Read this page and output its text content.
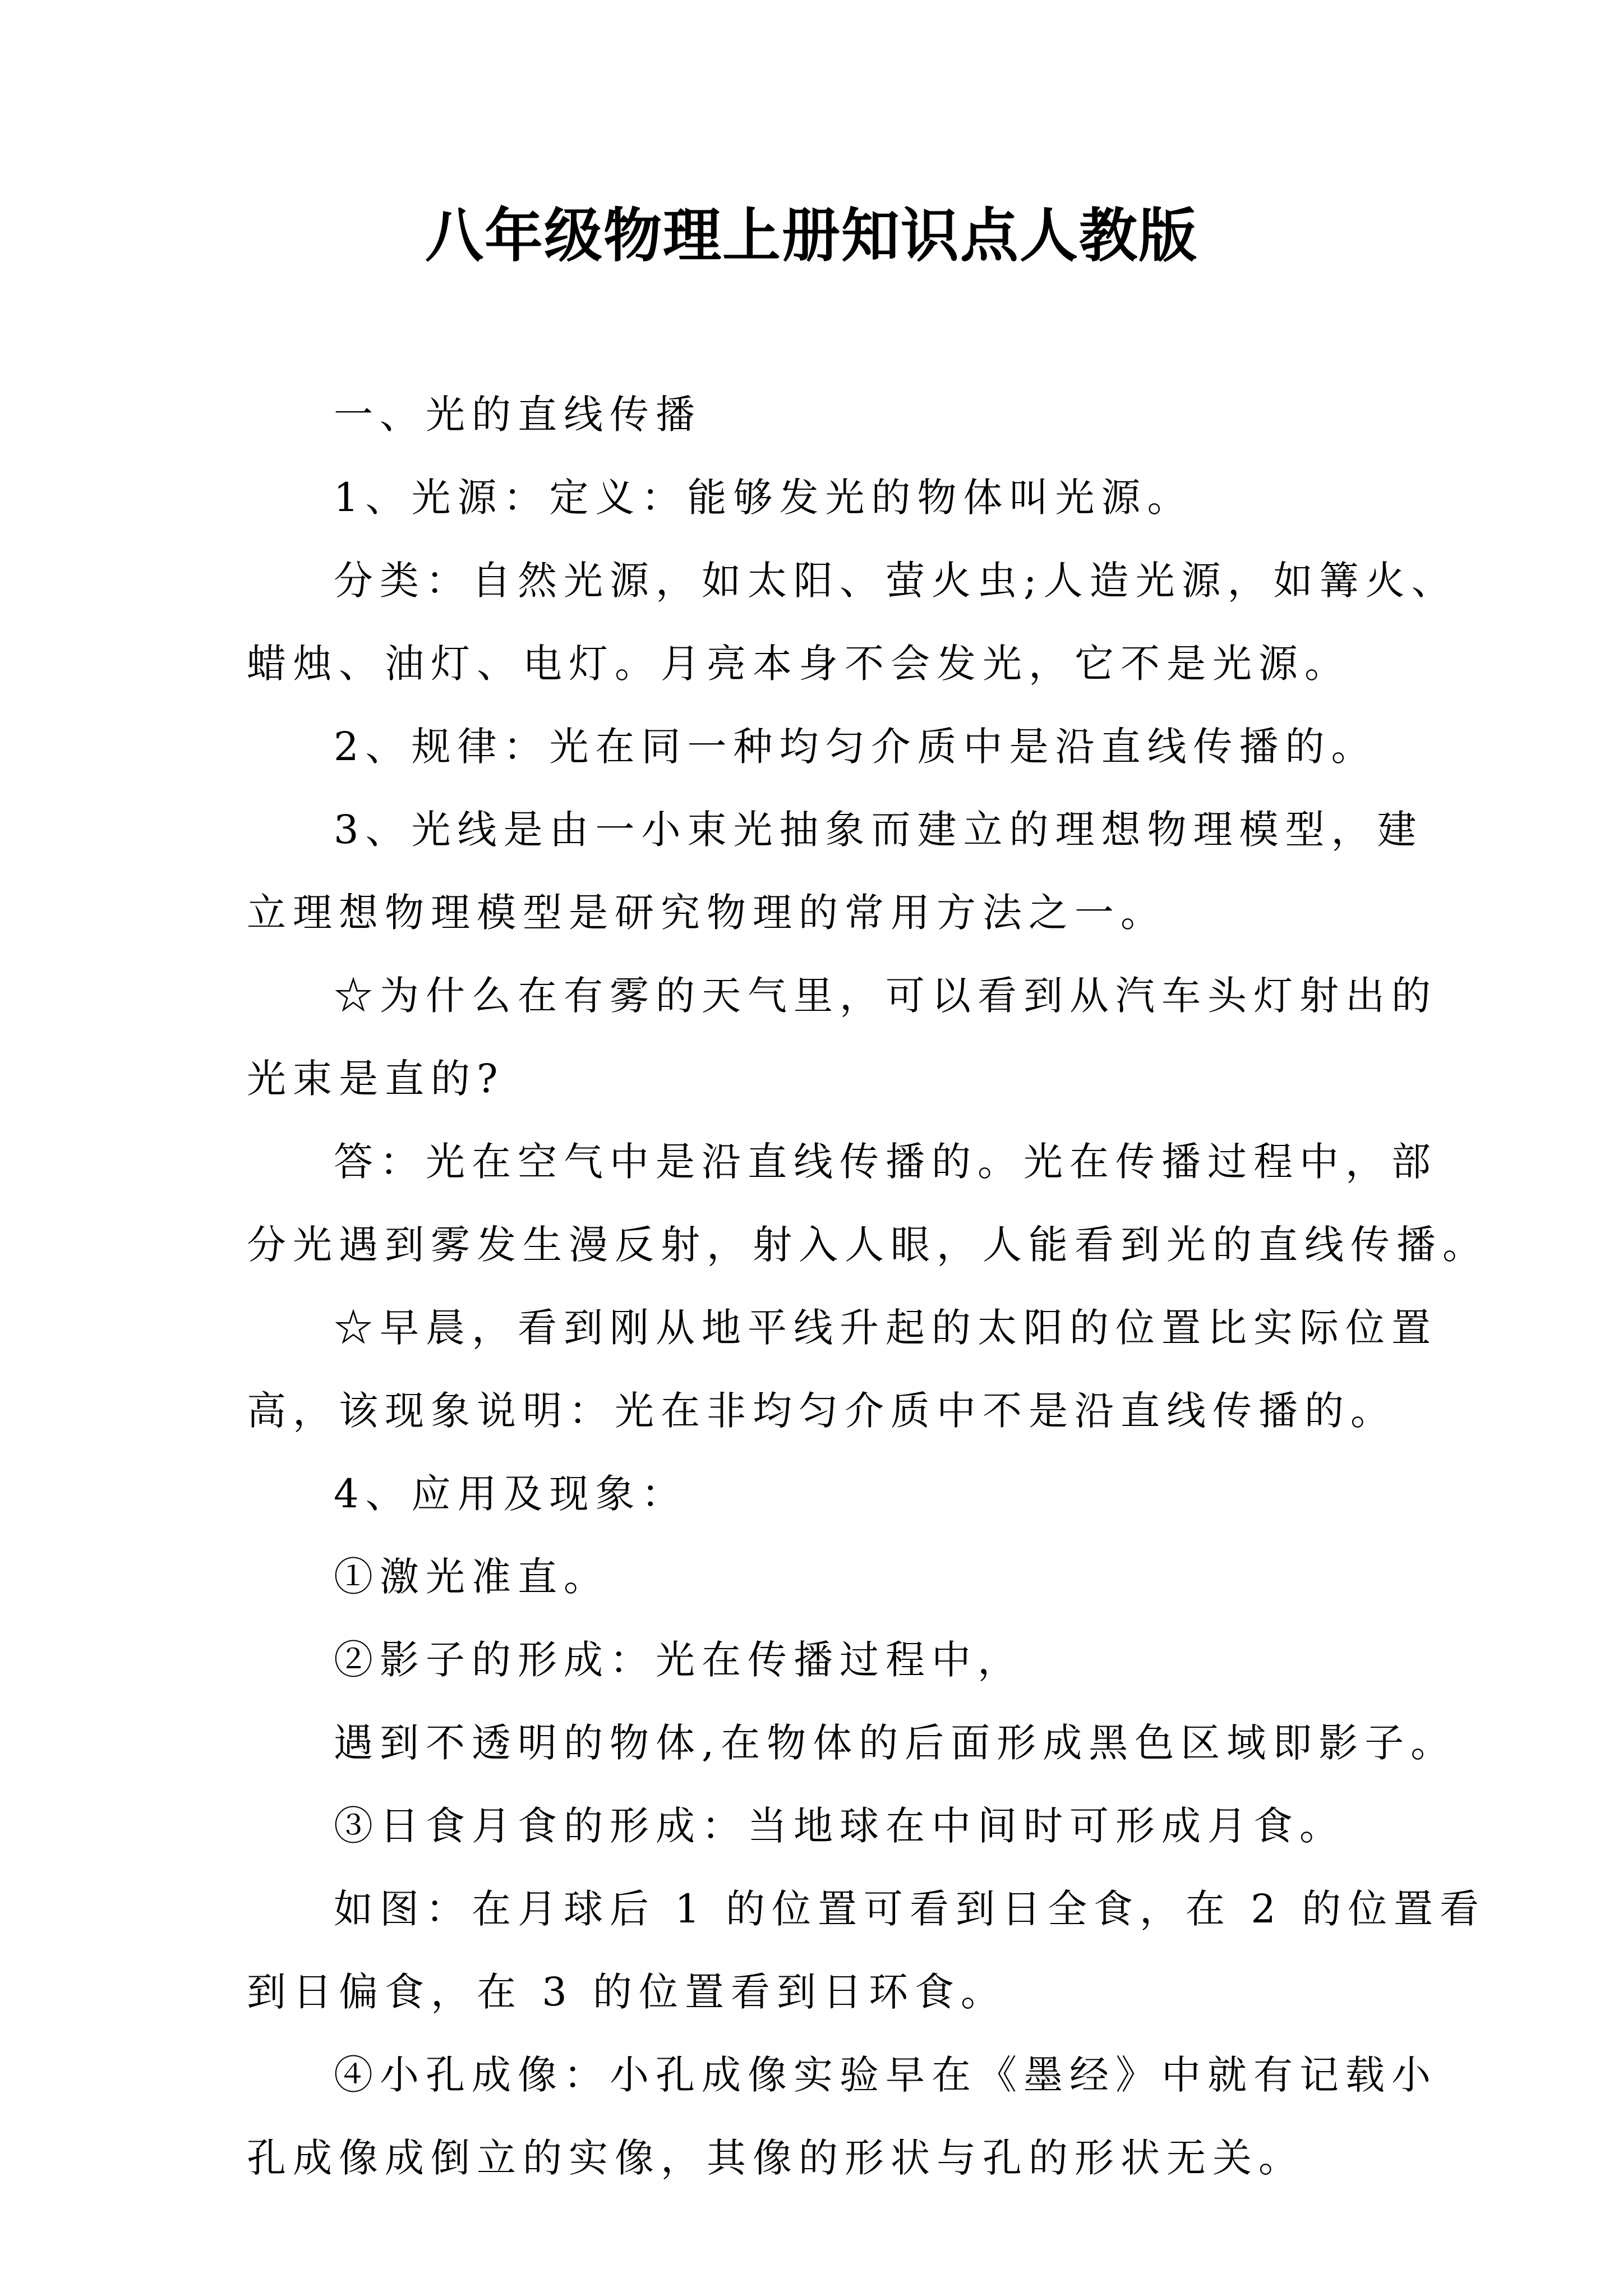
八年级物理上册知识点人教版

一、光的直线传播

1、光源：定义：能够发光的物体叫光源。

分类：自然光源，如太阳、萤火虫;人造光源，如篝火、

蜡烛、油灯、电灯。月亮本身不会发光，它不是光源。

2、规律：光在同一种均匀介质中是沿直线传播的。

3、光线是由一小束光抽象而建立的理想物理模型，建

立理想物理模型是研究物理的常用方法之一。

☆为什么在有雾的天气里，可以看到从汽车头灯射出的

光束是直的?

答：光在空气中是沿直线传播的。光在传播过程中，部

分光遇到雾发生漫反射，射入人眼，人能看到光的直线传播。

☆早晨，看到刚从地平线升起的太阳的位置比实际位置

高，该现象说明：光在非均匀介质中不是沿直线传播的。

4、应用及现象：

①激光准直。

②影子的形成：光在传播过程中，

遇到不透明的物体,在物体的后面形成黑色区域即影子。

③日食月食的形成：当地球在中间时可形成月食。

如图：在月球后 1 的位置可看到日全食，在 2 的位置看

到日偏食，在 3 的位置看到日环食。

④小孔成像：小孔成像实验早在《墨经》中就有记载小

孔成像成倒立的实像，其像的形状与孔的形状无关。
